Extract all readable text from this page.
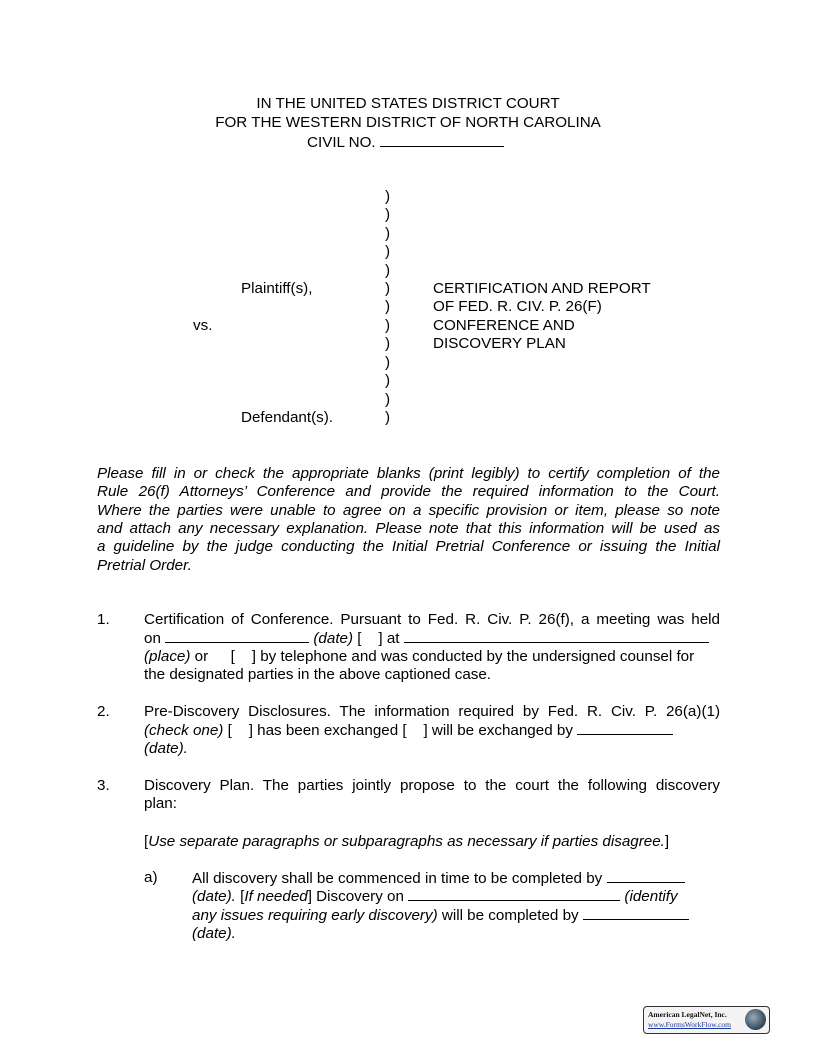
IN THE UNITED STATES DISTRICT COURT
FOR THE WESTERN DISTRICT OF NORTH CAROLINA
CIVIL NO.
)
)
)
)
)
)
)
)
)
)
)
)
)
Plaintiff(s),
vs.
Defendant(s).
CERTIFICATION AND REPORT
OF FED. R. CIV. P. 26(F)
CONFERENCE AND
DISCOVERY PLAN
Please fill in or check the appropriate blanks (print legibly) to certify completion of the
Rule 26(f) Attorneys’ Conference and provide the required information to the Court.
Where the parties were unable to agree on a specific provision or item, please so note
and attach any necessary explanation. Please note that this information will be used as
a guideline by the judge conducting the Initial Pretrial Conference or issuing the Initial
Pretrial Order.
1. Certification of Conference. Pursuant to Fed. R. Civ. P. 26(f), a meeting was held
on	(date) [    ] at
(place) or [    ] by telephone and was conducted by the undersigned counsel for
the designated parties in the above captioned case.
2. Pre-Discovery Disclosures. The information required by Fed. R. Civ. P. 26(a)(1)
(check one) [    ] has been exchanged [    ] will be exchanged by
(date).
3. Discovery Plan. The parties jointly propose to the court the following discovery
plan:
[Use separate paragraphs or subparagraphs as necessary if parties disagree.]
a) All discovery shall be commenced in time to be completed by
(date). [If needed] Discovery on	(identify
any issues requiring early discovery) will be completed by
(date).
American LegalNet, Inc.
www.FormsWorkFlow.com
